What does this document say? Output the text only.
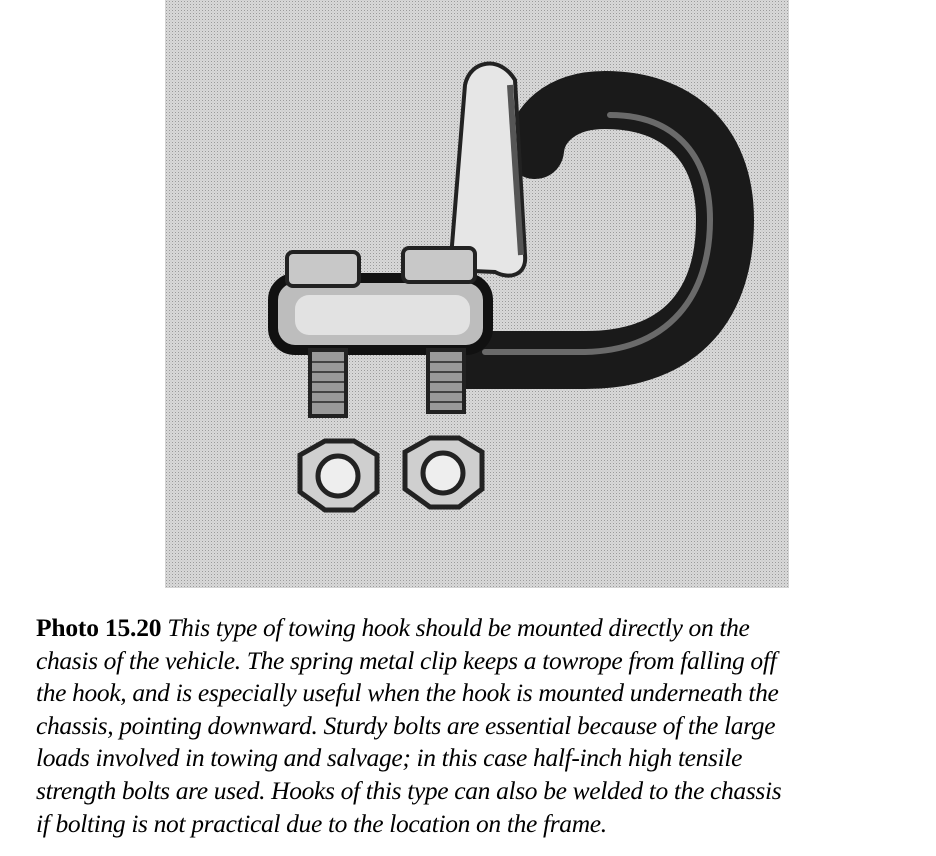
Photo 15.20 This type of towing hook should be mounted directly on the
chasis of the vehicle. The spring metal clip keeps a towrope from falling off
the hook, and is especially useful when the hook is mounted underneath the
chassis, pointing downward. Sturdy bolts are essential because of the large
loads involved in towing and salvage; in this case half-inch high tensile
strength bolts are used. Hooks of this type can also be welded to the chassis
if bolting is not practical due to the location on the frame.
